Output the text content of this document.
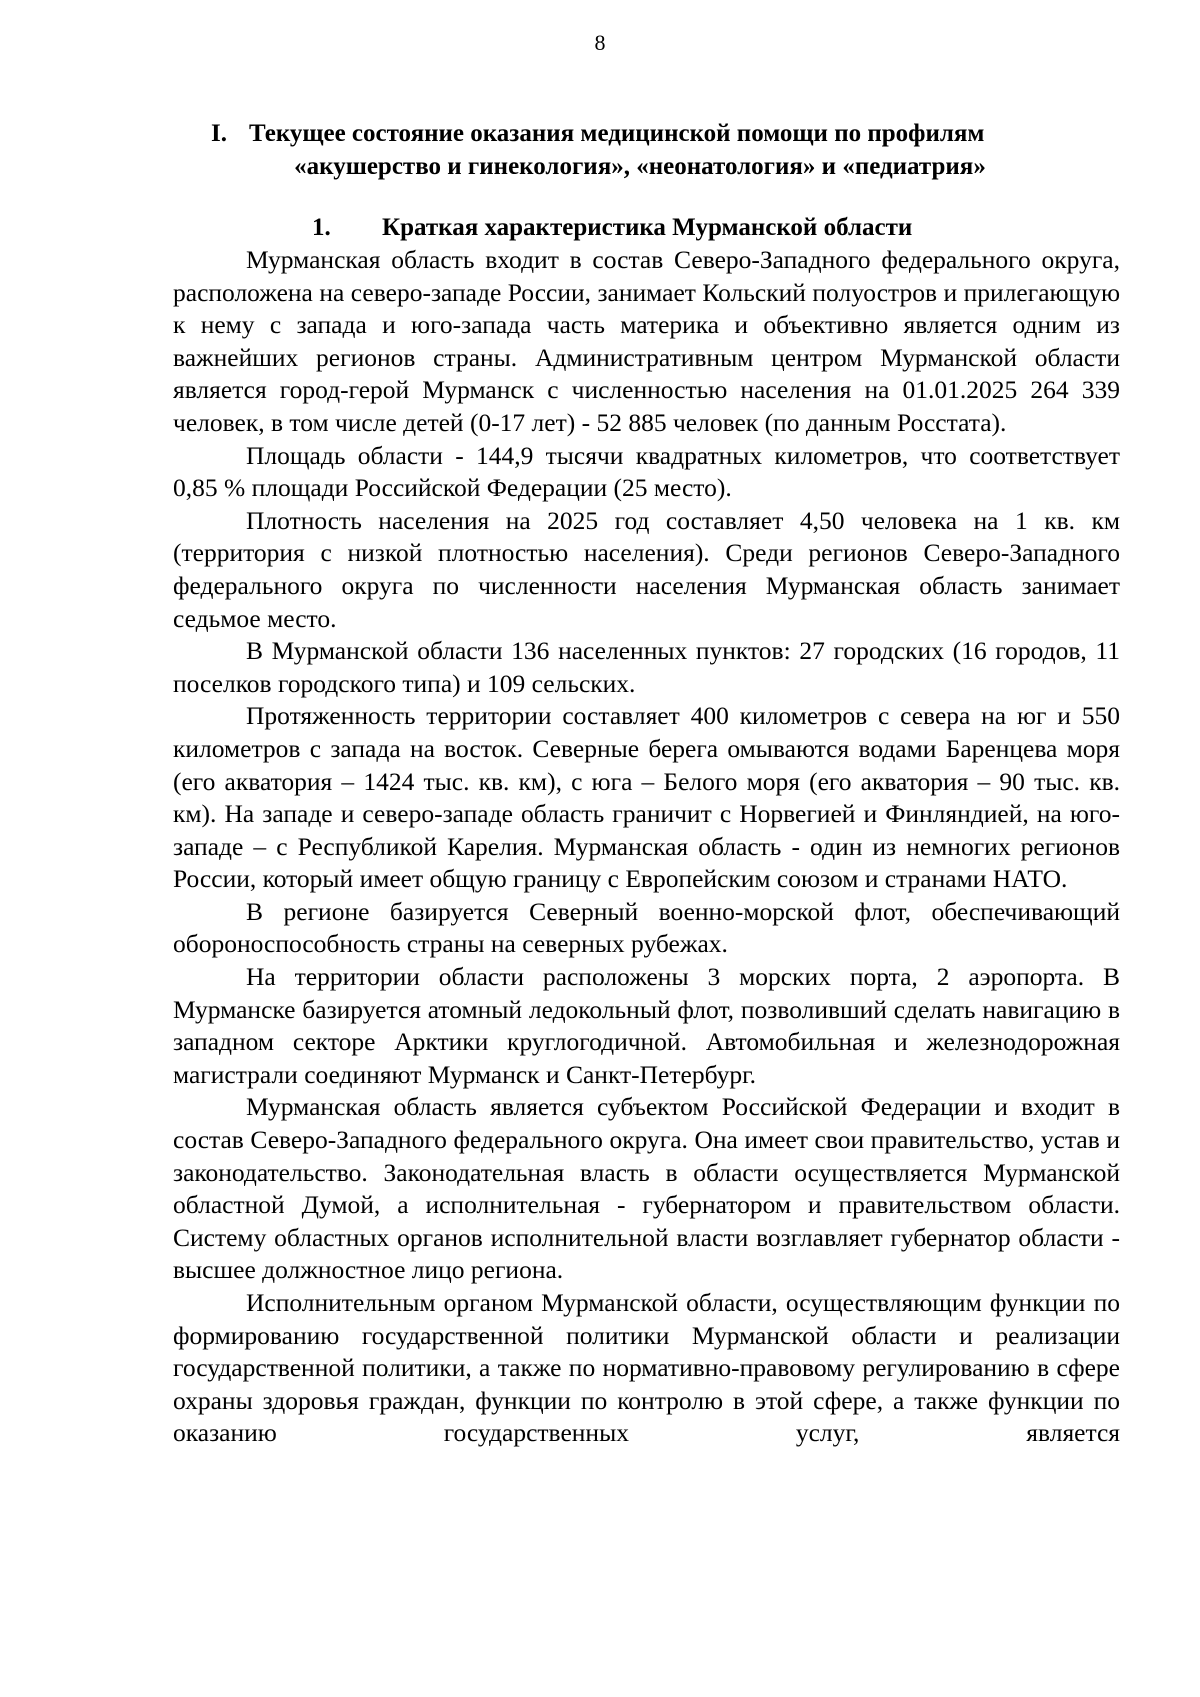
8
I. Текущее состояние оказания медицинской помощи по профилям
«акушерство и гинекология», «неонатология» и «педиатрия»
1. Краткая характеристика Мурманской области

Мурманская область входит в состав Северо-Западного федерального округа, расположена на северо-западе России, занимает Кольский полуостров и прилегающую к нему с запада и юго-запада часть материка и объективно является одним из важнейших регионов страны. Административным центром Мурманской области является город-герой Мурманск с численностью населения на 01.01.2025 264 339 человек, в том числе детей (0-17 лет) - 52 885 человек (по данным Росстата).

Площадь области - 144,9 тысячи квадратных километров, что соответствует 0,85 % площади Российской Федерации (25 место).

Плотность населения на 2025 год составляет 4,50 человека на 1 кв. км (территория с низкой плотностью населения). Среди регионов Северо-Западного федерального округа по численности населения Мурманская область занимает седьмое место.

В Мурманской области 136 населенных пунктов: 27 городских (16 городов, 11 поселков городского типа) и 109 сельских.

Протяженность территории составляет 400 километров с севера на юг и 550 километров с запада на восток. Северные берега омываются водами Баренцева моря (его акватория – 1424 тыс. кв. км), с юга – Белого моря (его акватория – 90 тыс. кв. км). На западе и северо-западе область граничит с Норвегией и Финляндией, на юго-западе – с Республикой Карелия. Мурманская область - один из немногих регионов России, который имеет общую границу с Европейским союзом и странами НАТО.

В регионе базируется Северный военно-морской флот, обеспечивающий обороноспособность страны на северных рубежах.

На территории области расположены 3 морских порта, 2 аэропорта. В Мурманске базируется атомный ледокольный флот, позволивший сделать навигацию в западном секторе Арктики круглогодичной. Автомобильная и железнодорожная магистрали соединяют Мурманск и Санкт-Петербург.

Мурманская область является субъектом Российской Федерации и входит в состав Северо-Западного федерального округа. Она имеет свои правительство, устав и законодательство. Законодательная власть в области осуществляется Мурманской областной Думой, а исполнительная - губернатором и правительством области. Систему областных органов исполнительной власти возглавляет губернатор области - высшее должностное лицо региона.

Исполнительным органом Мурманской области, осуществляющим функции по формированию государственной политики Мурманской области и реализации государственной политики, а также по нормативно-правовому регулированию в сфере охраны здоровья граждан, функции по контролю в этой сфере, а также функции по оказанию государственных услуг, является
